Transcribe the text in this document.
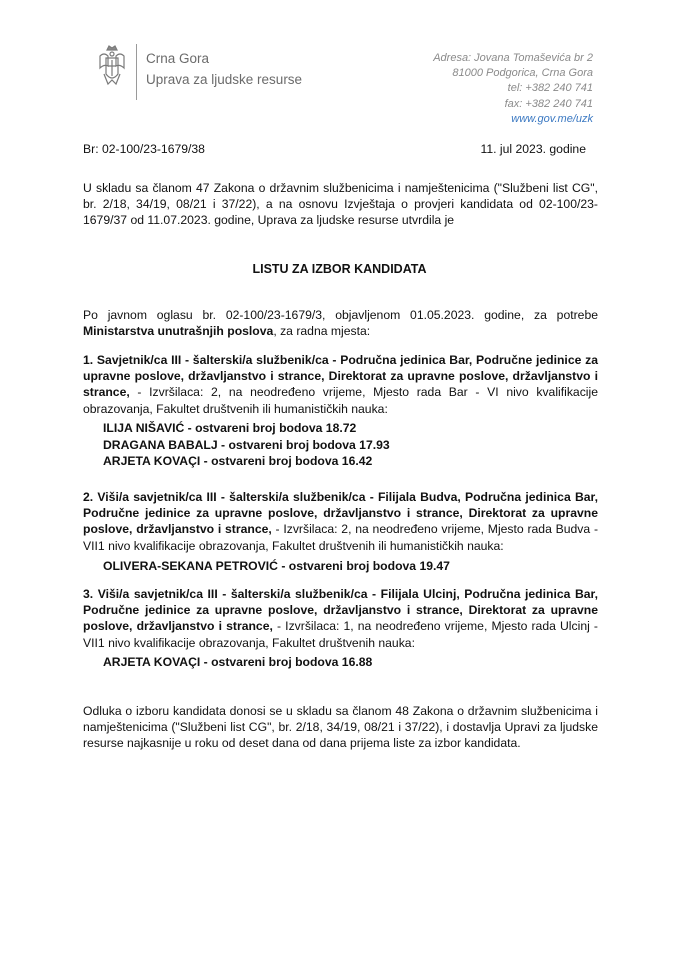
Crna Gora
Uprava za ljudske resurse
Adresa: Jovana Tomaševića br 2
81000 Podgorica, Crna Gora
tel: +382 240 741
fax: +382 240 741
www.gov.me/uzk
Br: 02-100/23-1679/38	11. jul 2023. godine

U skladu sa članom 47 Zakona o državnim službenicima i namještenicima ("Službeni list CG", br. 2/18, 34/19, 08/21 i 37/22), a na osnovu Izvještaja o provjeri kandidata od 02-100/23-1679/37 od 11.07.2023. godine, Uprava za ljudske resurse utvrdila je

LISTU ZA IZBOR KANDIDATA

Po javnom oglasu br. 02-100/23-1679/3, objavljenom 01.05.2023. godine, za potrebe Ministarstva unutrašnjih poslova, za radna mjesta:

1. Savjetnik/ca III - šalterski/a službenik/ca - Područna jedinica Bar, Područne jedinice za upravne poslove, državljanstvo i strance, Direktorat za upravne poslove, državljanstvo i strance, - Izvršilaca: 2, na neodređeno vrijeme, Mjesto rada Bar - VI nivo kvalifikacije obrazovanja, Fakultet društvenih ili humanističkih nauka:

ILIJA NIŠAVIĆ - ostvareni broj bodova 18.72
DRAGANA BABALJ - ostvareni broj bodova 17.93
ARJETA KOVAÇI - ostvareni broj bodova 16.42

2. Viši/a savjetnik/ca III - šalterski/a službenik/ca - Filijala Budva, Područna jedinica Bar, Područne jedinice za upravne poslove, državljanstvo i strance, Direktorat za upravne poslove, državljanstvo i strance, - Izvršilaca: 2, na neodređeno vrijeme, Mjesto rada Budva - VII1 nivo kvalifikacije obrazovanja, Fakultet društvenih ili humanističkih nauka:

OLIVERA-SEKANA PETROVIĆ - ostvareni broj bodova 19.47

3. Viši/a savjetnik/ca III - šalterski/a službenik/ca - Filijala Ulcinj, Područna jedinica Bar, Područne jedinice za upravne poslove, državljanstvo i strance, Direktorat za upravne poslove, državljanstvo i strance, - Izvršilaca: 1, na neodređeno vrijeme, Mjesto rada Ulcinj - VII1 nivo kvalifikacije obrazovanja, Fakultet društvenih nauka:

ARJETA KOVAÇI - ostvareni broj bodova 16.88

Odluka o izboru kandidata donosi se u skladu sa članom 48 Zakona o državnim službenicima i namještenicima ("Službeni list CG", br. 2/18, 34/19, 08/21 i 37/22), i dostavlja Upravi za ljudske resurse najkasnije u roku od deset dana od dana prijema liste za izbor kandidata.
